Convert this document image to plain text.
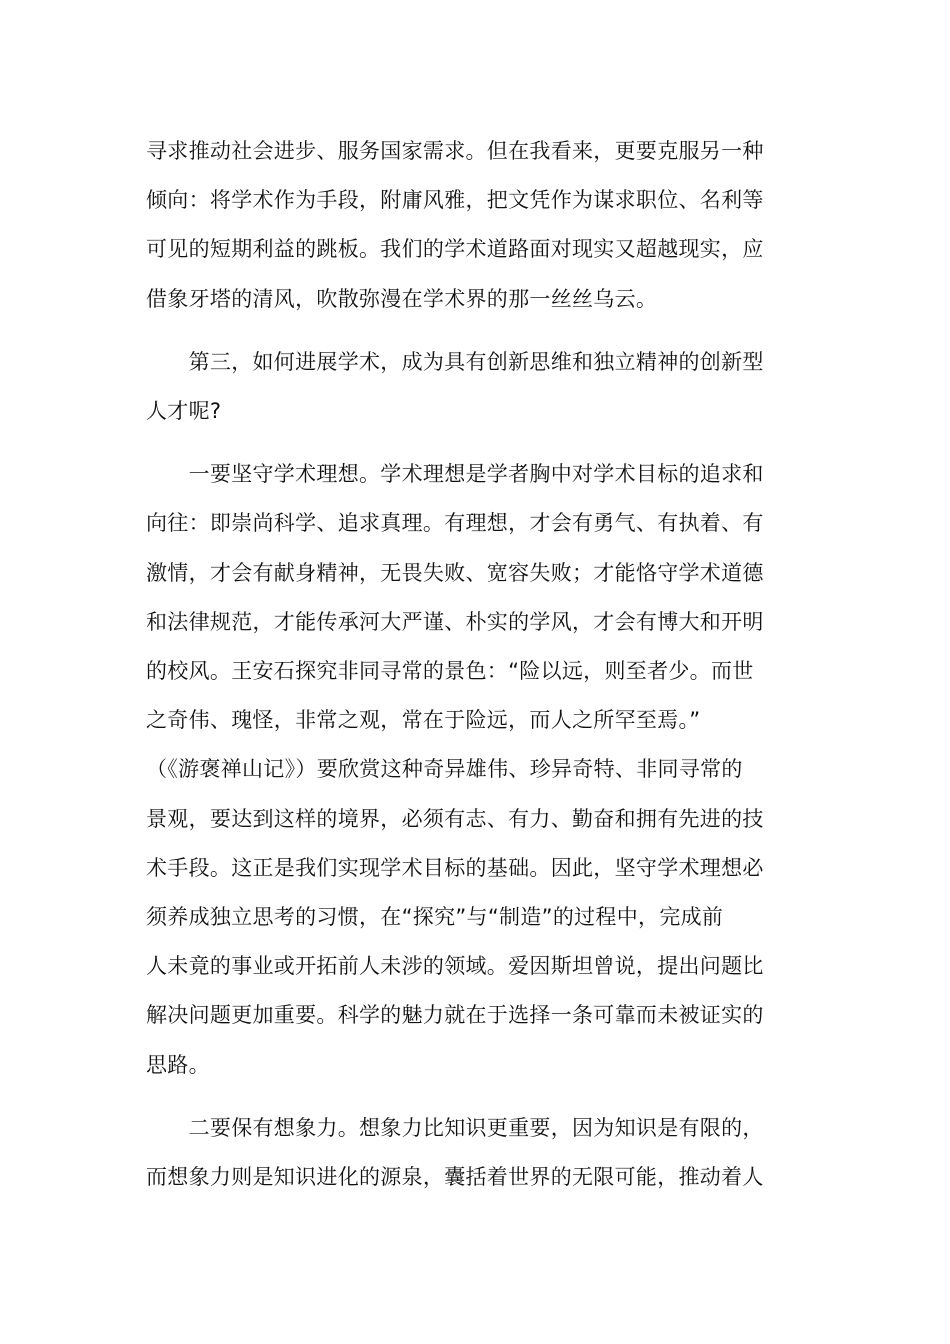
寻求推动社会进步、服务国家需求。但在我看来，更要克服另一种
倾向：将学术作为手段，附庸风雅，把文凭作为谋求职位、名利等
可见的短期利益的跳板。我们的学术道路面对现实又超越现实，应
借象牙塔的清风，吹散弥漫在学术界的那一丝丝乌云。

　　第三，如何进展学术，成为具有创新思维和独立精神的创新型
人才呢?

　　一要坚守学术理想。学术理想是学者胸中对学术目标的追求和
向往：即崇尚科学、追求真理。有理想，才会有勇气、有执着、有
激情，才会有献身精神，无畏失败、宽容失败；才能恪守学术道德
和法律规范，才能传承河大严谨、朴实的学风，才会有博大和开明
的校风。王安石探究非同寻常的景色：“险以远，则至者少。而世
之奇伟、瑰怪，非常之观，常在于险远，而人之所罕至焉。”
（《游褒禅山记》）要欣赏这种奇异雄伟、珍异奇特、非同寻常的
景观，要达到这样的境界，必须有志、有力、勤奋和拥有先进的技
术手段。这正是我们实现学术目标的基础。因此，坚守学术理想必
须养成独立思考的习惯，在“探究”与“制造”的过程中，完成前
人未竟的事业或开拓前人未涉的领域。爱因斯坦曾说，提出问题比
解决问题更加重要。科学的魅力就在于选择一条可靠而未被证实的
思路。

　　二要保有想象力。想象力比知识更重要，因为知识是有限的，
而想象力则是知识进化的源泉，囊括着世界的无限可能，推动着人
